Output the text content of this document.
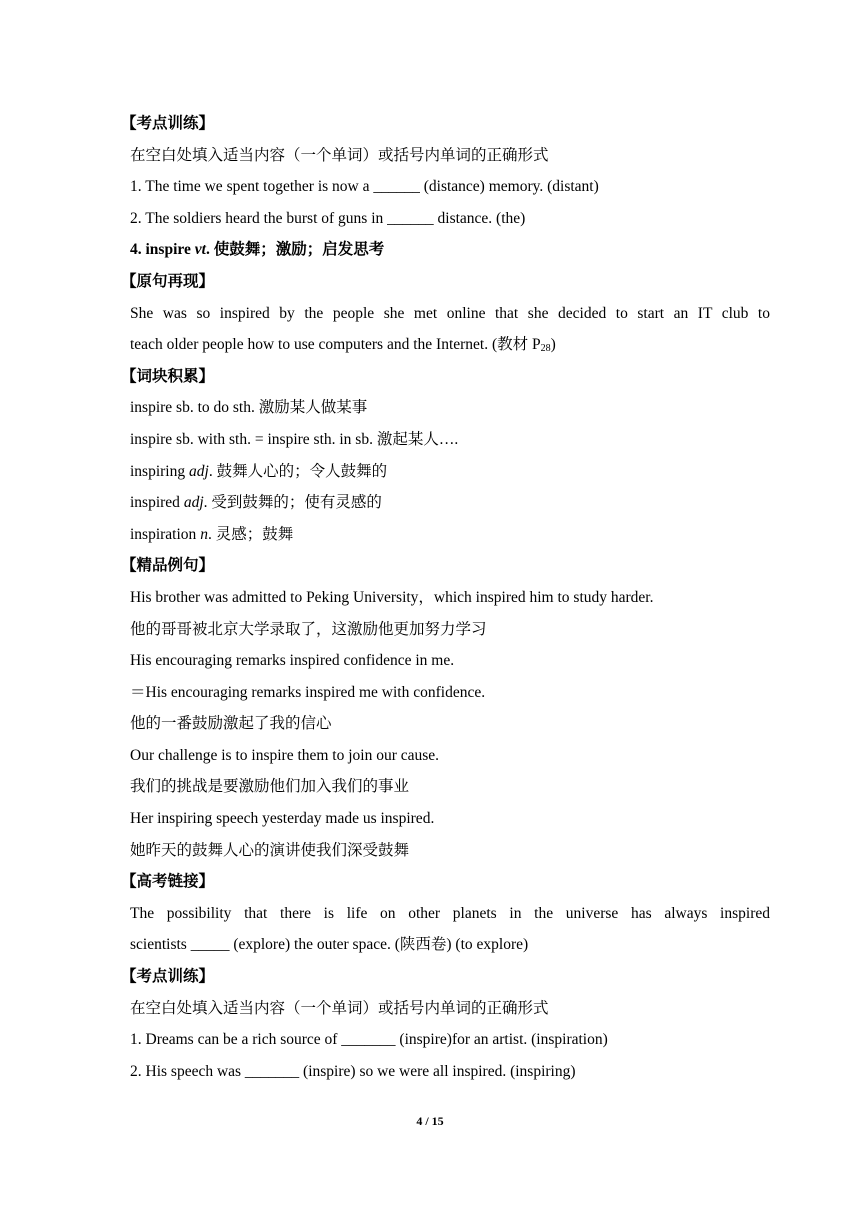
【考点训练】
在空白处填入适当内容（一个单词）或括号内单词的正确形式
1. The time we spent together is now a ______ (distance) memory. (distant)
2. The soldiers heard the burst of guns in ______ distance. (the)
4. inspire vt. 使鼓舞；激励；启发思考
【原句再现】
She was so inspired by the people she met online that she decided to start an IT club to
teach older people how to use computers and the Internet. (教材 $P_{28}$)
【词块积累】
inspire sb. to do sth. 激励某人做某事
inspire sb. with sth. = inspire sth. in sb. 激起某人….
inspiring adj. 鼓舞人心的；令人鼓舞的
inspired adj. 受到鼓舞的；使有灵感的
inspiration n. 灵感；鼓舞
【精品例句】
His brother was admitted to Peking University，which inspired him to study harder.
他的哥哥被北京大学录取了，这激励他更加努力学习
His encouraging remarks inspired confidence in me.
＝His encouraging remarks inspired me with confidence.
他的一番鼓励激起了我的信心
Our challenge is to inspire them to join our cause.
我们的挑战是要激励他们加入我们的事业
Her inspiring speech yesterday made us inspired.
她昨天的鼓舞人心的演讲使我们深受鼓舞
【高考链接】
The possibility that there is life on other planets in the universe has always inspired
scientists _____ (explore) the outer space. (陕西卷) (to explore)
【考点训练】
在空白处填入适当内容（一个单词）或括号内单词的正确形式
1. Dreams can be a rich source of _______ (inspire)for an artist. (inspiration)
2. His speech was _______ (inspire) so we were all inspired. (inspiring)
4 / 15
